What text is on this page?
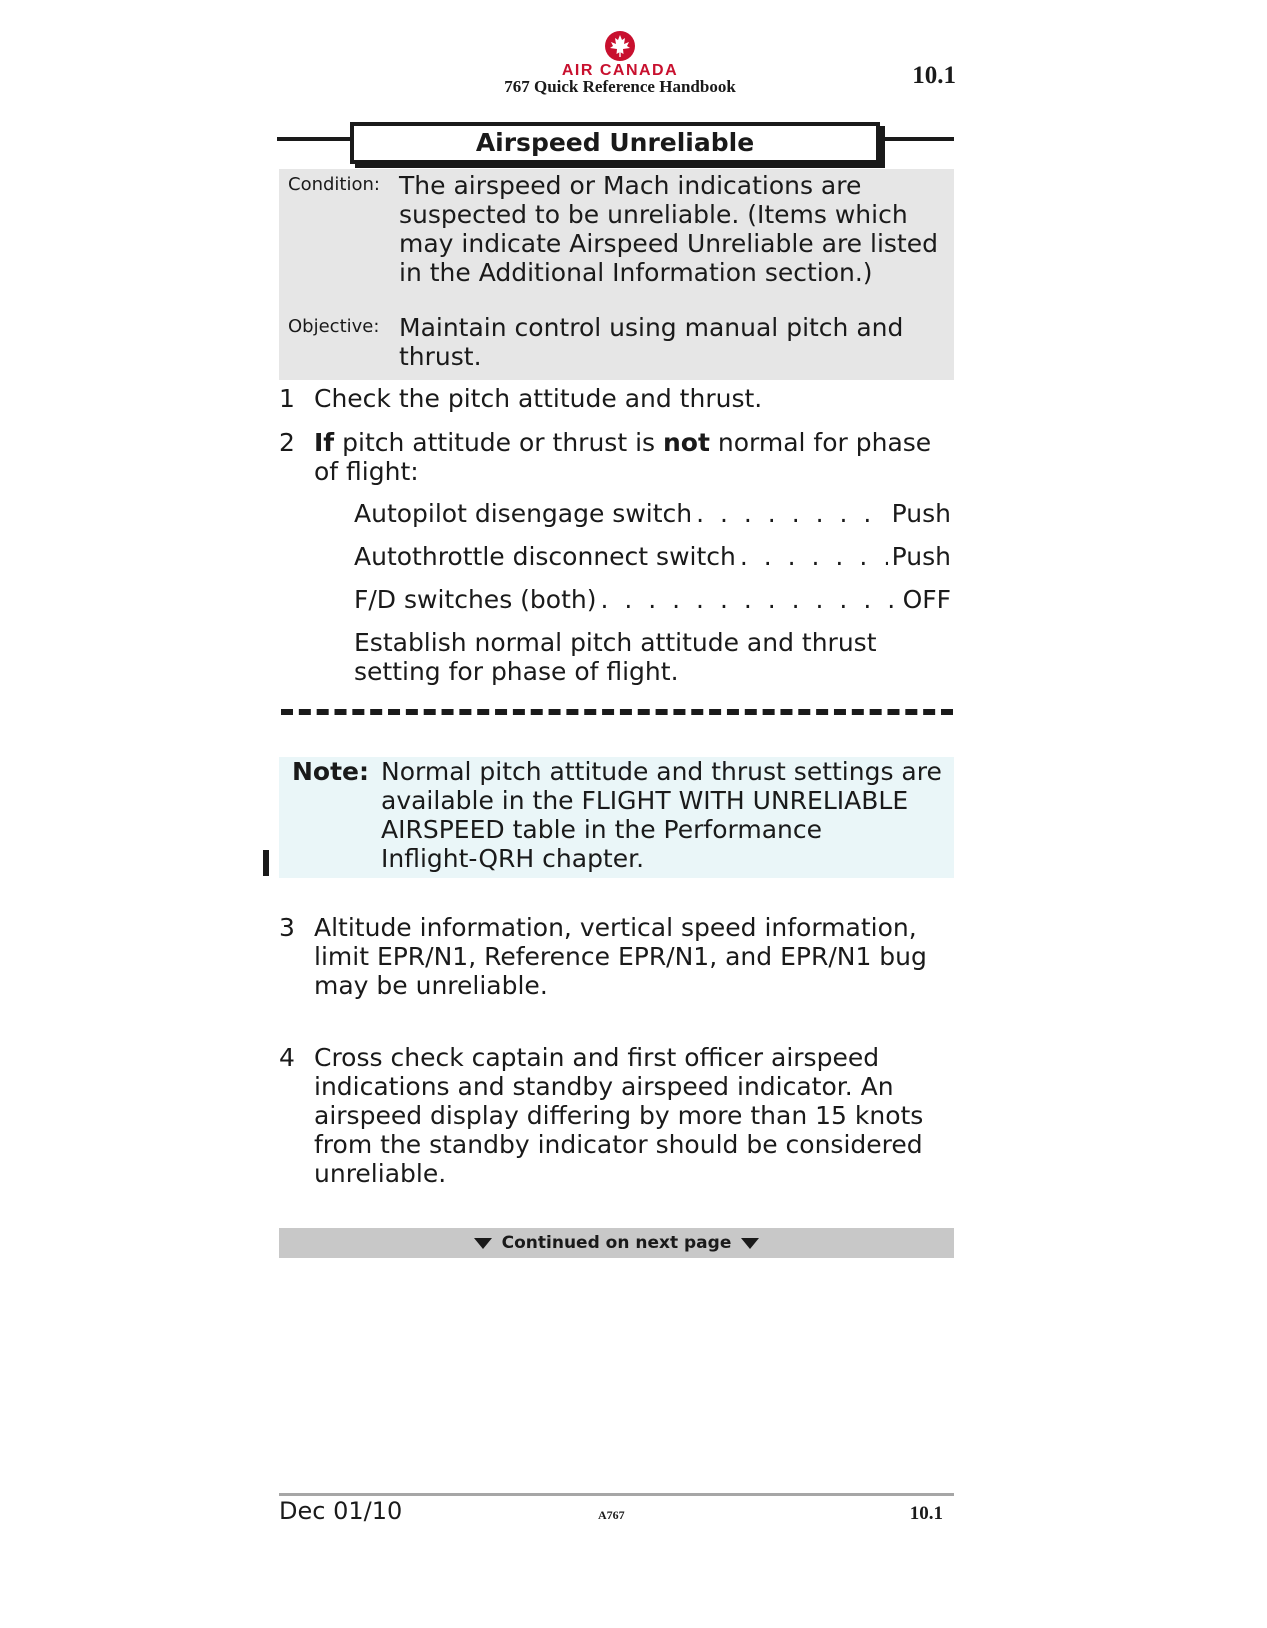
AIR CANADA
767 Quick Reference Handbook	10.1
Airspeed Unreliable
Condition: The airspeed or Mach indications are
suspected to be unreliable. (Items which
may indicate Airspeed Unreliable are listed
in the Additional Information section.)
Objective: Maintain control using manual pitch and
thrust.
1 Check the pitch attitude and thrust.
2 If pitch attitude or thrust is not normal for phase
of flight:
Autopilot disengage switch . . .	Push
Autothrottle disconnect switch . . .	Push
F/D switches (both) . . .	OFF
Establish normal pitch attitude and thrust
setting for phase of flight.
Note: Normal pitch attitude and thrust settings are
available in the FLIGHT WITH UNRELIABLE
AIRSPEED table in the Performance
Inflight-QRH chapter.
3 Altitude information, vertical speed information,
limit EPR/N1, Reference EPR/N1, and EPR/N1 bug
may be unreliable.
4 Cross check captain and first officer airspeed
indications and standby airspeed indicator. An
airspeed display differing by more than 15 knots
from the standby indicator should be considered
unreliable.
Continued on next page
Dec 01/10	A767	10.1
